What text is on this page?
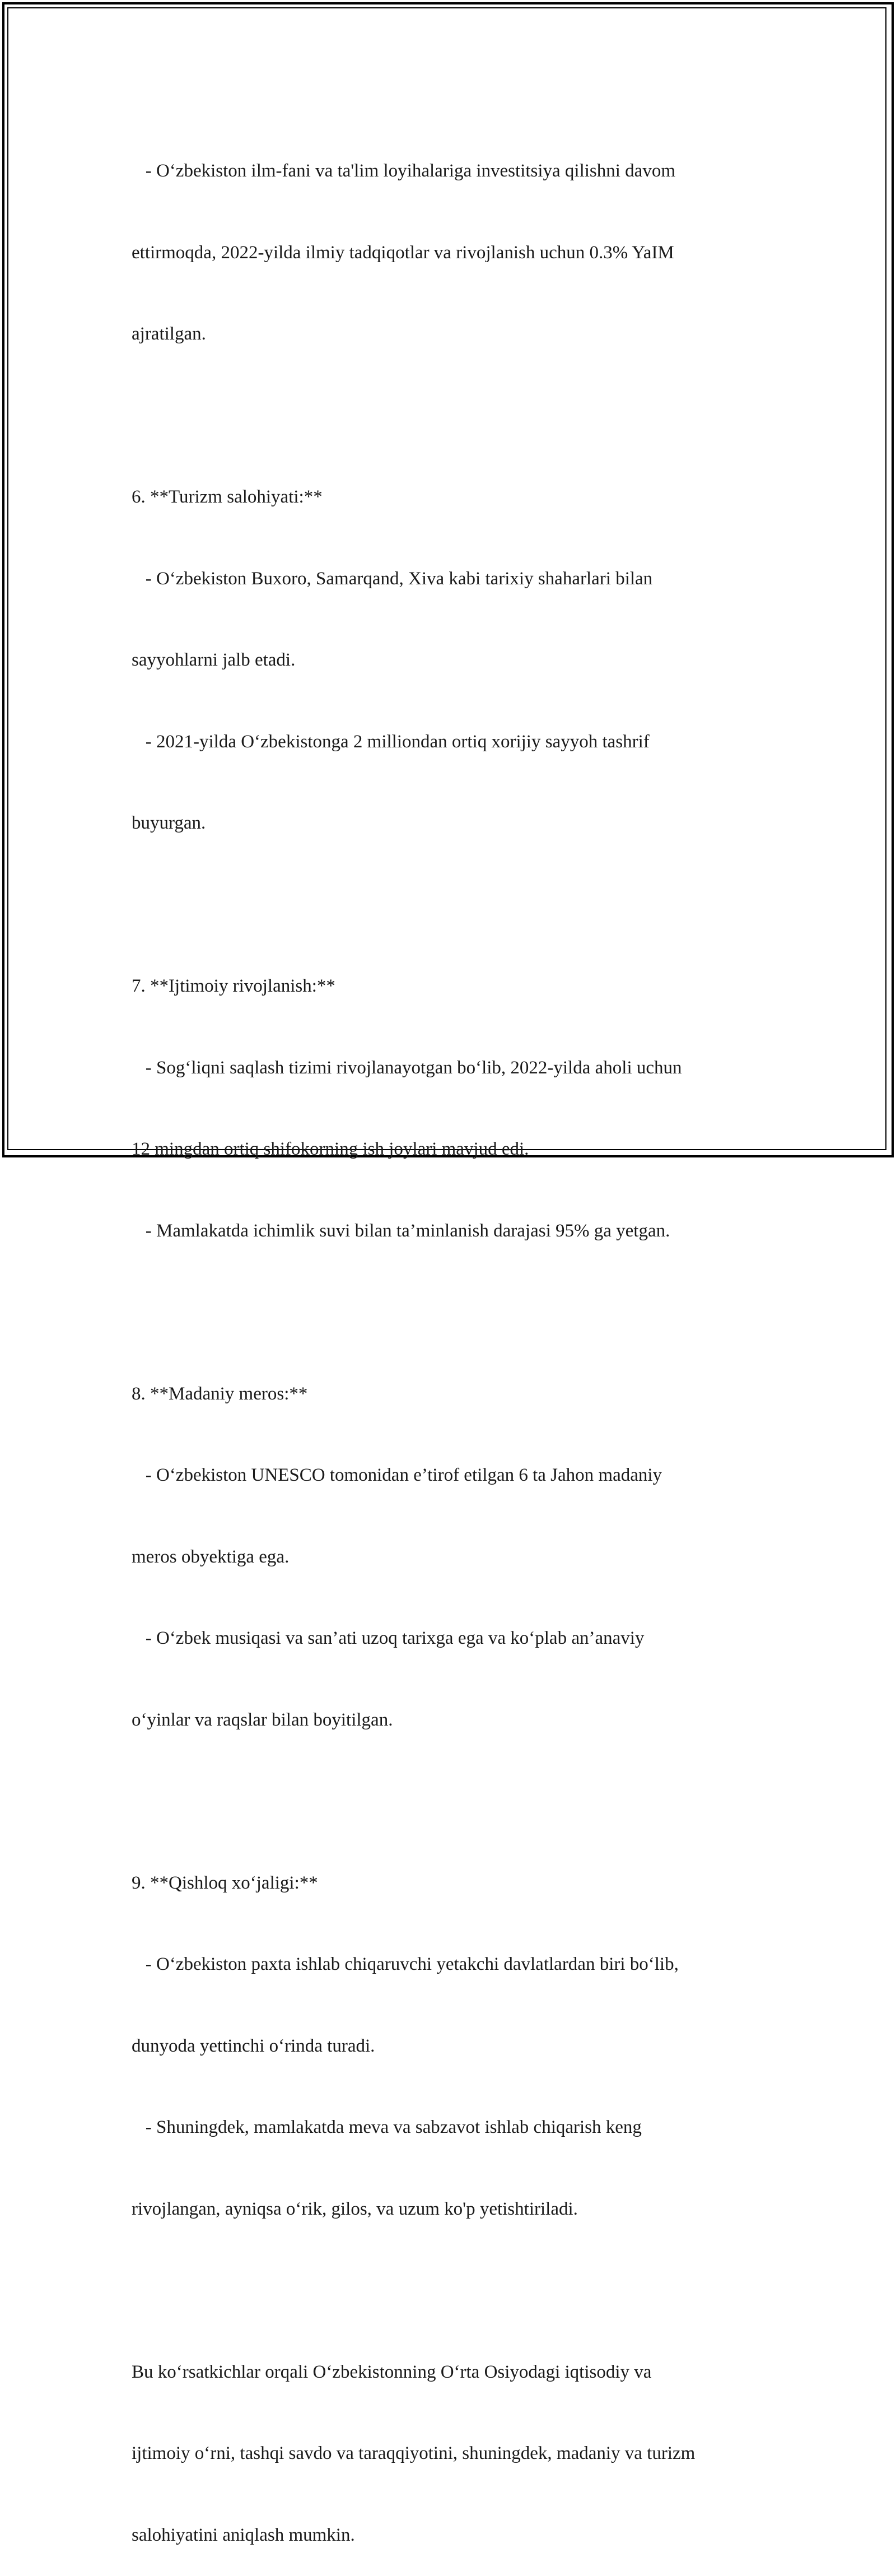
- O‘zbekiston ilm-fani va ta'lim loyihalariga investitsiya qilishni davom

ettirmoqda, 2022-yilda ilmiy tadqiqotlar va rivojlanish uchun 0.3% YaIM

ajratilgan.

6. **Turizm salohiyati:**

- O‘zbekiston Buxoro, Samarqand, Xiva kabi tarixiy shaharlari bilan

sayyohlarni jalb etadi.

- 2021-yilda O‘zbekistonga 2 milliondan ortiq xorijiy sayyoh tashrif

buyurgan.

7. **Ijtimoiy rivojlanish:**

- Sog‘liqni saqlash tizimi rivojlanayotgan bo‘lib, 2022-yilda aholi uchun

12 mingdan ortiq shifokorning ish joylari mavjud edi.

- Mamlakatda ichimlik suvi bilan ta’minlanish darajasi 95% ga yetgan.

8. **Madaniy meros:**

- O‘zbekiston UNESCO tomonidan e’tirof etilgan 6 ta Jahon madaniy

meros obyektiga ega.

- O‘zbek musiqasi va san’ati uzoq tarixga ega va ko‘plab an’anaviy

o‘yinlar va raqslar bilan boyitilgan.

9. **Qishloq xo‘jaligi:**

- O‘zbekiston paxta ishlab chiqaruvchi yetakchi davlatlardan biri bo‘lib,

dunyoda yettinchi o‘rinda turadi.

- Shuningdek, mamlakatda meva va sabzavot ishlab chiqarish keng

rivojlangan, ayniqsa o‘rik, gilos, va uzum ko'p yetishtiriladi.

Bu ko‘rsatkichlar orqali O‘zbekistonning O‘rta Osiyodagi iqtisodiy va

ijtimoiy o‘rni, tashqi savdo va taraqqiyotini, shuningdek, madaniy va turizm

salohiyatini aniqlash mumkin.
